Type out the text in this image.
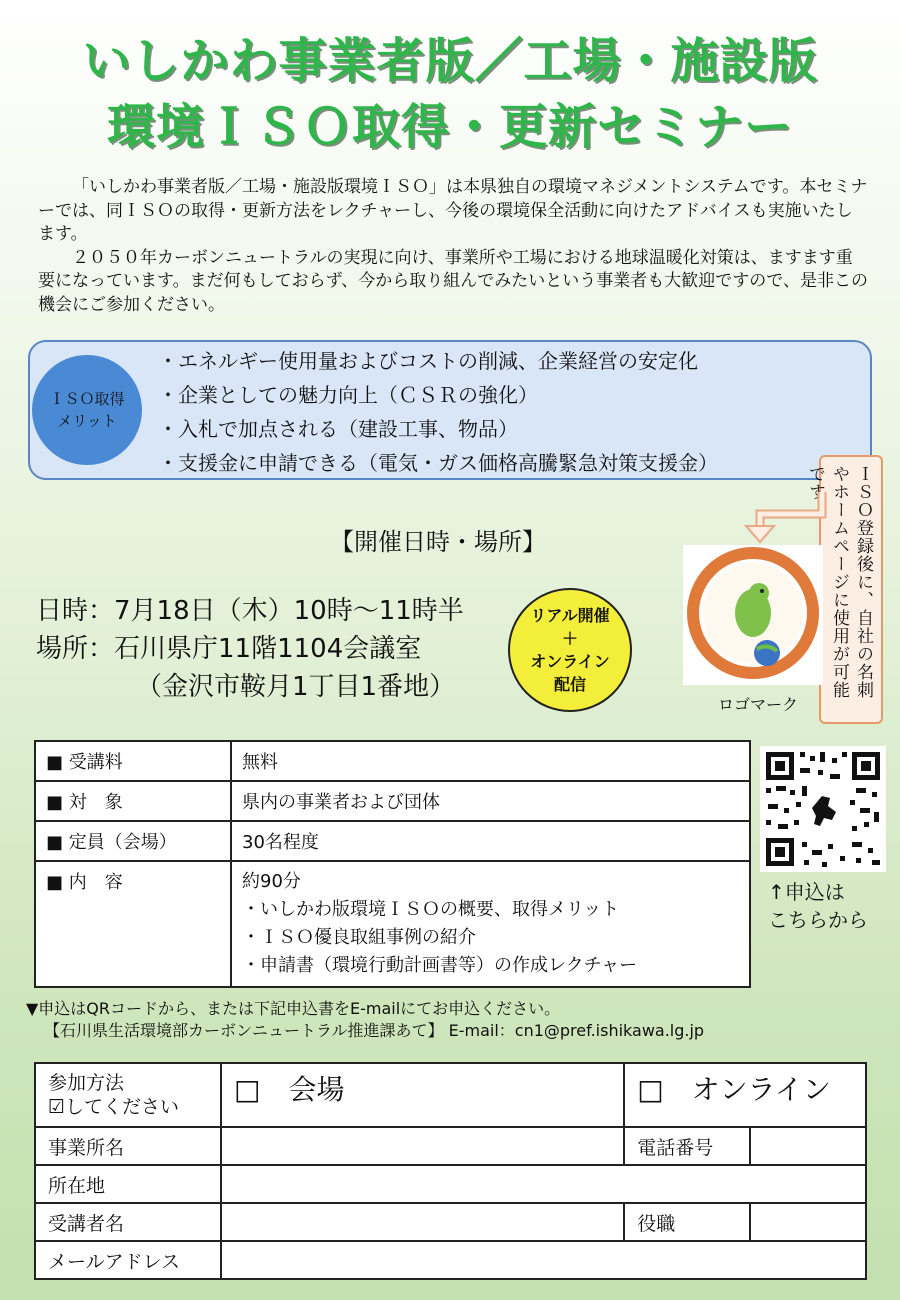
いしかわ事業者版／工場・施設版
環境ＩＳＯ取得・更新セミナー

「いしかわ事業者版／工場・施設版環境ＩＳＯ」は本県独自の環境マネジメントシステムです。本セミナーでは、同ＩＳＯの取得・更新方法をレクチャーし、今後の環境保全活動に向けたアドバイスも実施いたします。

２０５０年カーボンニュートラルの実現に向け、事業所や工場における地球温暖化対策は、ますます重要になっています。まだ何もしておらず、今から取り組んでみたいという事業者も大歓迎ですので、是非この機会にご参加ください。

ＩＳＯ取得
メリット
・エネルギー使用量およびコストの削減、企業経営の安定化
・企業としての魅力向上（ＣＳＲの強化）
・入札で加点される（建設工事、物品）
・支援金に申請できる（電気・ガス価格高騰緊急対策支援金）
ＩＳＯ登録後に、自社の名刺やホームページに使用が可能です
ロゴマーク
【開催日時・場所】
日時：7月18日（木）10時～11時半
場所：石川県庁11階1104会議室
（金沢市鞍月1丁目1番地）
リアル開催
＋
オンライン
配信
■ 受講料	無料
■ 対　象	県内の事業者および団体
■ 定員（会場）	30名程度
■ 内　容	約90分
・いしかわ版環境ＩＳＯの概要、取得メリット
・ＩＳＯ優良取組事例の紹介
・申請書（環境行動計画書等）の作成レクチャー
↑申込は
こちらから
▼申込はQRコードから、または下記申込書をE-mailにてお申込ください。
【石川県生活環境部カーボンニュートラル推進課あて】 E-mail：cn1@pref.ishikawa.lg.jp
参加方法
☑してください	□　会場	□　オンライン	
事業所名		電話番号	
所在地			
受講者名		役職	
メールアドレス			
